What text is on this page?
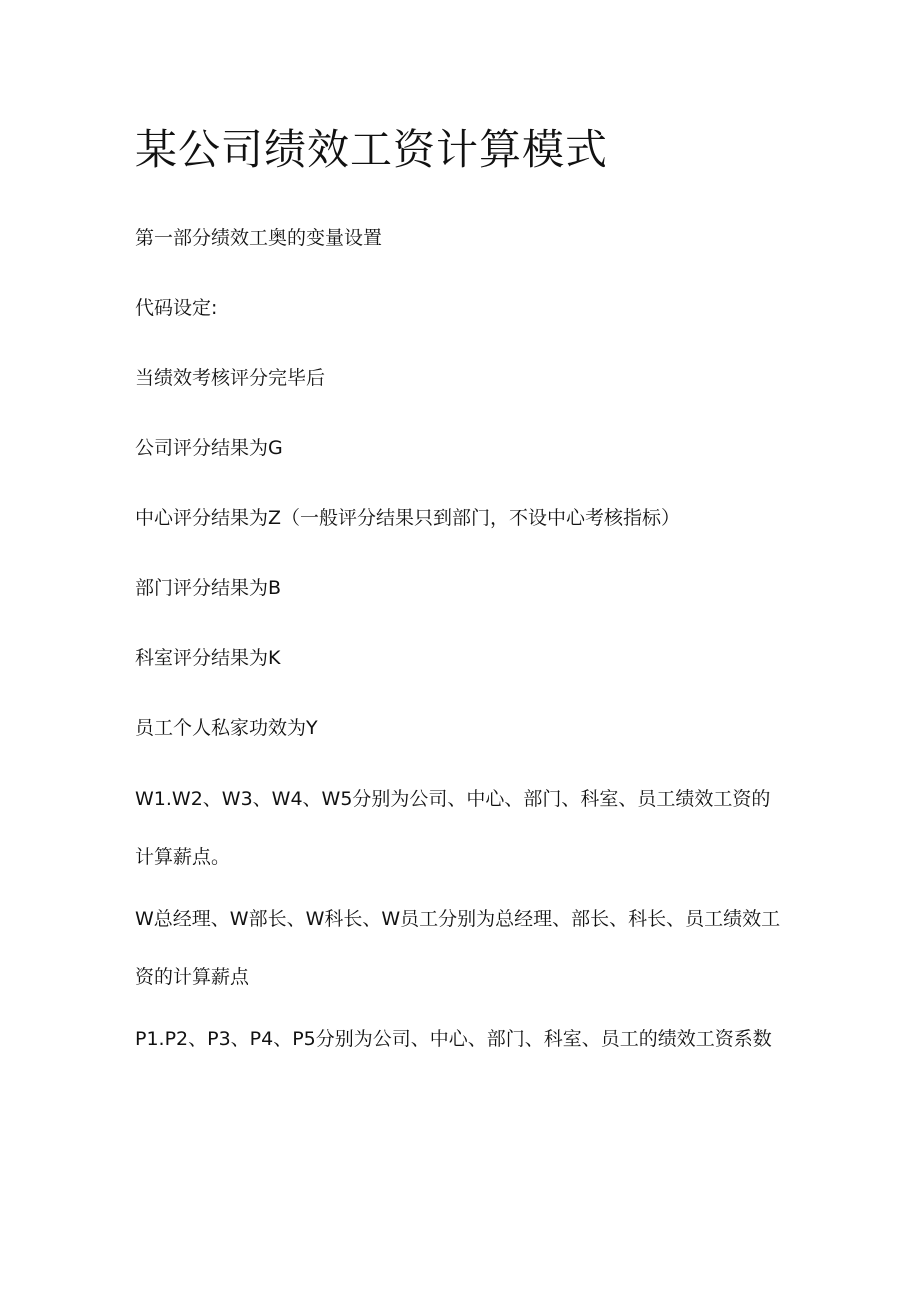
某公司绩效工资计算模式

第一部分绩效工奥的变量设置

代码设定:

当绩效考核评分完毕后

公司评分结果为G

中心评分结果为Z（一般评分结果只到部门，不设中心考核指标）

部门评分结果为B

科室评分结果为K

员工个人私家功效为Y

W1.W2、W3、W4、W5分别为公司、中心、部门、科室、员工绩效工资的计算薪点。

W总经理、W部长、W科长、W员工分别为总经理、部长、科长、员工绩效工资的计算薪点

P1.P2、P3、P4、P5分别为公司、中心、部门、科室、员工的绩效工资系数
